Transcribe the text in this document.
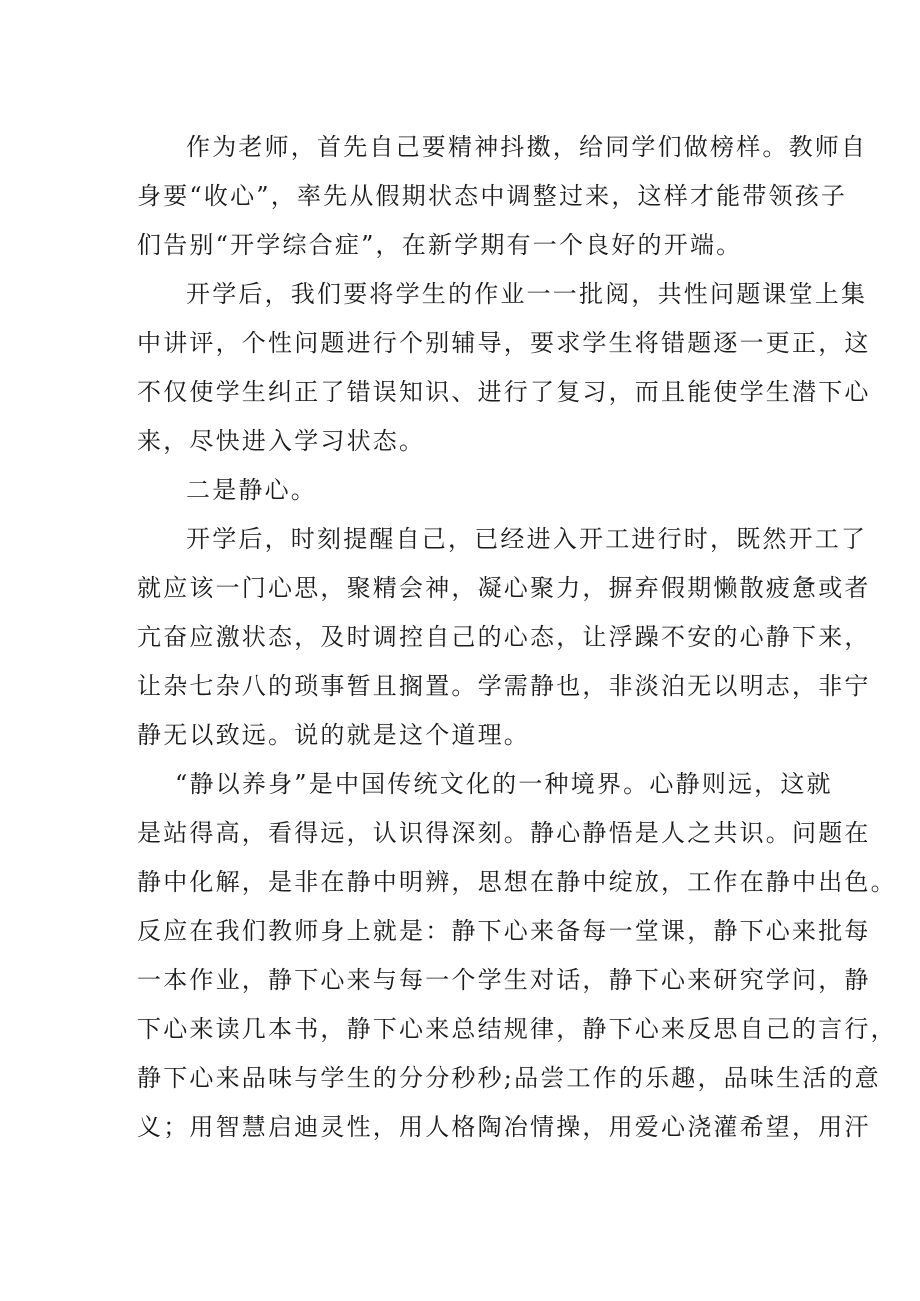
作为老师，首先自己要精神抖擞，给同学们做榜样。教师自
身要“收心”，率先从假期状态中调整过来，这样才能带领孩子
们告别“开学综合症”，在新学期有一个良好的开端。
开学后，我们要将学生的作业一一批阅，共性问题课堂上集
中讲评，个性问题进行个别辅导，要求学生将错题逐一更正，这
不仅使学生纠正了错误知识、进行了复习，而且能使学生潜下心
来，尽快进入学习状态。
二是静心。
开学后，时刻提醒自己，已经进入开工进行时，既然开工了
就应该一门心思，聚精会神，凝心聚力，摒弃假期懒散疲惫或者
亢奋应激状态，及时调控自己的心态，让浮躁不安的心静下来，
让杂七杂八的琐事暂且搁置。学需静也，非淡泊无以明志，非宁
静无以致远。说的就是这个道理。
“静以养身”是中国传统文化的一种境界。心静则远，这就
是站得高，看得远，认识得深刻。静心静悟是人之共识。问题在
静中化解，是非在静中明辨，思想在静中绽放，工作在静中出色。
反应在我们教师身上就是：静下心来备每一堂课，静下心来批每
一本作业，静下心来与每一个学生对话，静下心来研究学问，静
下心来读几本书，静下心来总结规律，静下心来反思自己的言行，
静下心来品味与学生的分分秒秒;品尝工作的乐趣，品味生活的意
义；用智慧启迪灵性，用人格陶冶情操，用爱心浇灌希望，用汗
